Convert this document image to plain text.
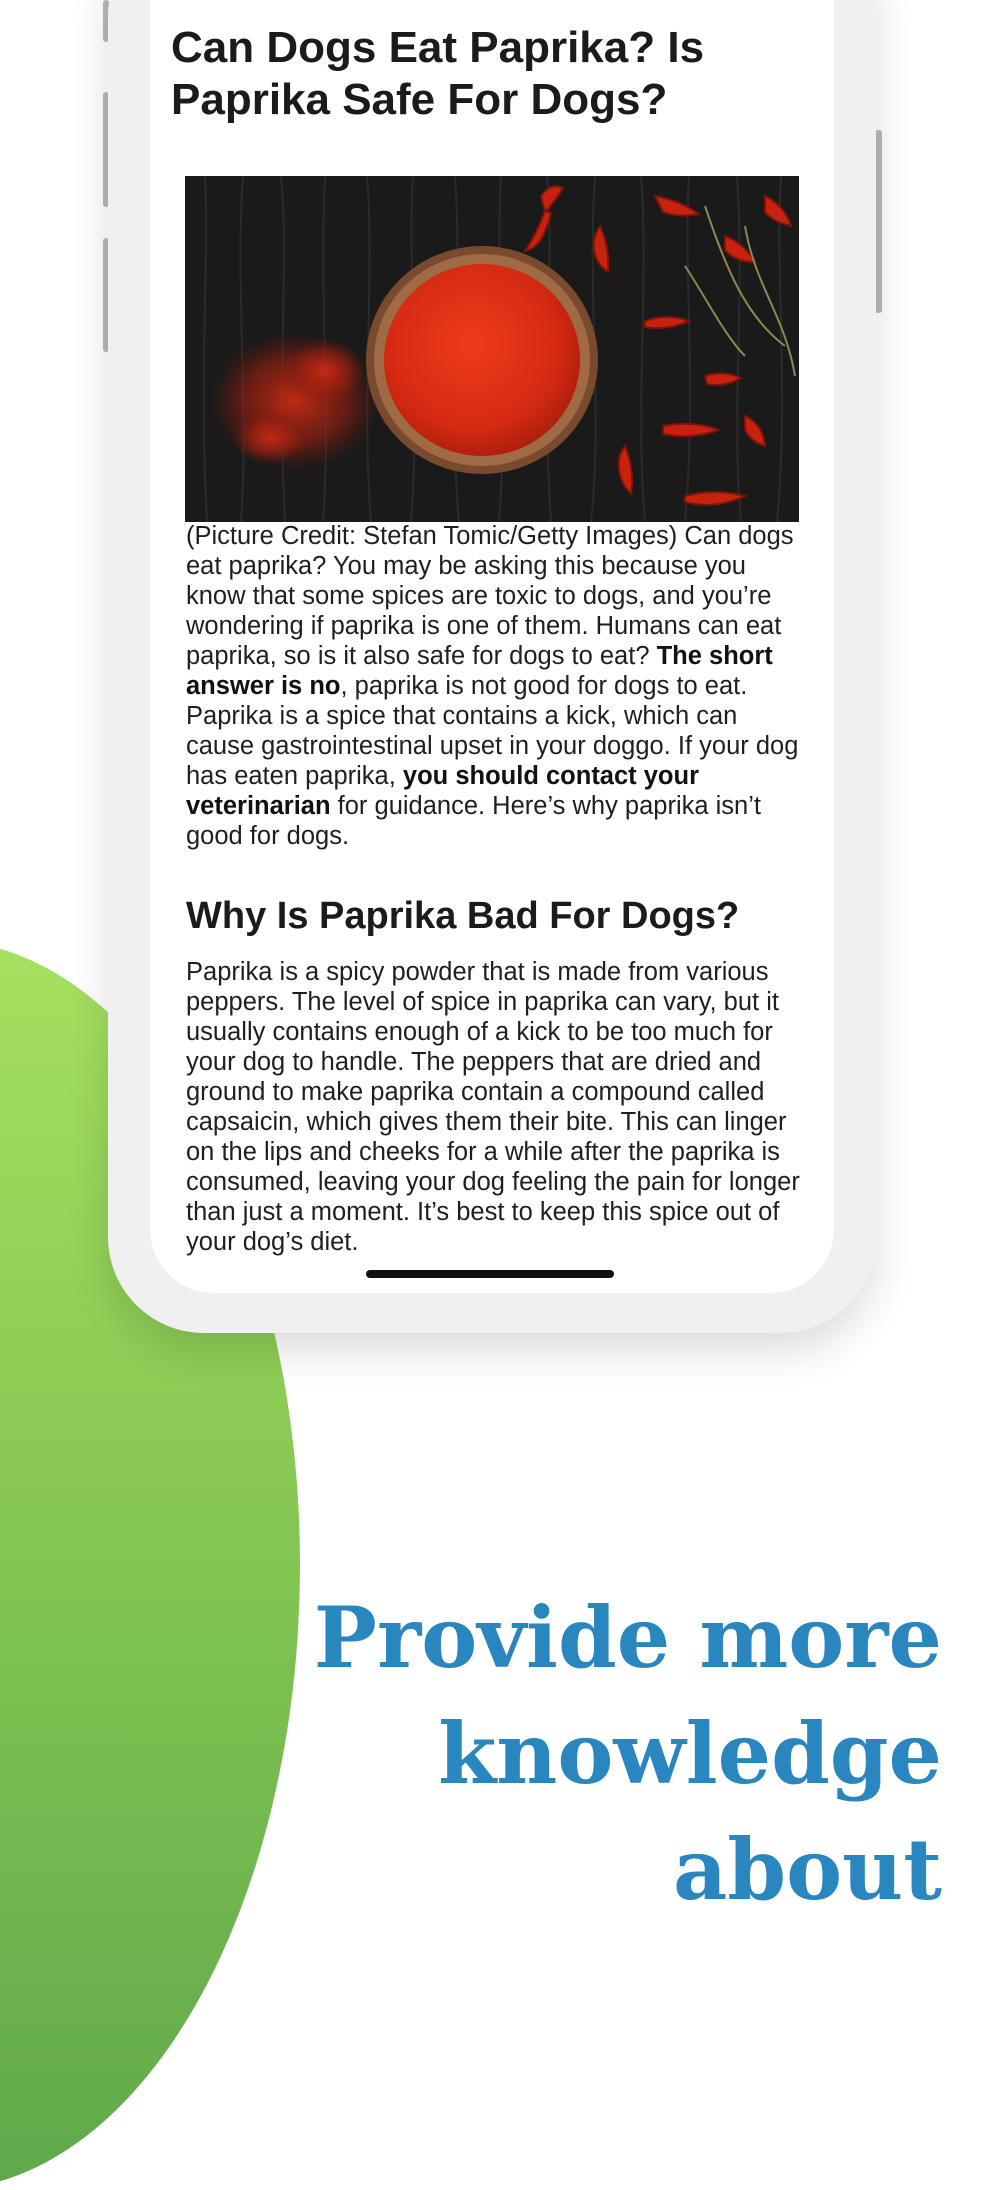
Can Dogs Eat Paprika? Is Paprika Safe For Dogs?

(Picture Credit: Stefan Tomic/Getty Images) Can dogs eat paprika? You may be asking this because you know that some spices are toxic to dogs, and you’re wondering if paprika is one of them. Humans can eat paprika, so is it also safe for dogs to eat? The short answer is no, paprika is not good for dogs to eat. Paprika is a spice that contains a kick, which can cause gastrointestinal upset in your doggo. If your dog has eaten paprika, you should contact your veterinarian for guidance. Here’s why paprika isn’t good for dogs.

Why Is Paprika Bad For Dogs?

Paprika is a spicy powder that is made from various peppers. The level of spice in paprika can vary, but it usually contains enough of a kick to be too much for your dog to handle. The peppers that are dried and ground to make paprika contain a compound called capsaicin, which gives them their bite. This can linger on the lips and cheeks for a while after the paprika is consumed, leaving your dog feeling the pain for longer than just a moment. It’s best to keep this spice out of your dog’s diet.

Provide more knowledge about
